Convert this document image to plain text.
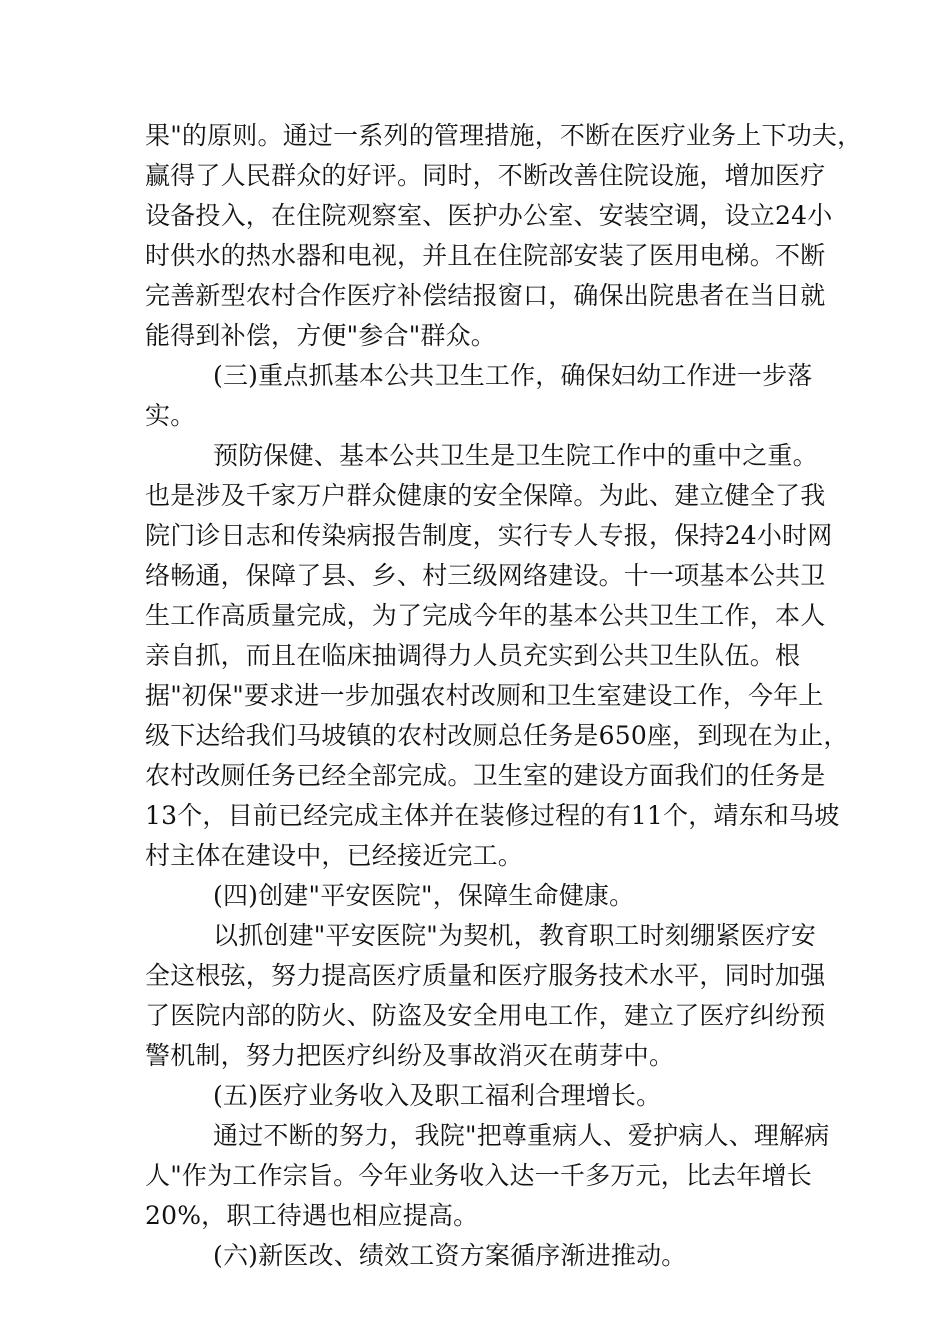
果"的原则。通过一系列的管理措施，不断在医疗业务上下功夫，
赢得了人民群众的好评。同时，不断改善住院设施，增加医疗
设备投入，在住院观察室、医护办公室、安装空调，设立24小
时供水的热水器和电视，并且在住院部安装了医用电梯。不断
完善新型农村合作医疗补偿结报窗口，确保出院患者在当日就
能得到补偿，方便"参合"群众。
(三)重点抓基本公共卫生工作，确保妇幼工作进一步落
实。
预防保健、基本公共卫生是卫生院工作中的重中之重。
也是涉及千家万户群众健康的安全保障。为此、建立健全了我
院门诊日志和传染病报告制度，实行专人专报，保持24小时网
络畅通，保障了县、乡、村三级网络建设。十一项基本公共卫
生工作高质量完成，为了完成今年的基本公共卫生工作，本人
亲自抓，而且在临床抽调得力人员充实到公共卫生队伍。根
据"初保"要求进一步加强农村改厕和卫生室建设工作，今年上
级下达给我们马坡镇的农村改厕总任务是650座，到现在为止，
农村改厕任务已经全部完成。卫生室的建设方面我们的任务是
13个，目前已经完成主体并在装修过程的有11个，靖东和马坡
村主体在建设中，已经接近完工。
(四)创建"平安医院"，保障生命健康。
以抓创建"平安医院"为契机，教育职工时刻绷紧医疗安
全这根弦，努力提高医疗质量和医疗服务技术水平，同时加强
了医院内部的防火、防盗及安全用电工作，建立了医疗纠纷预
警机制，努力把医疗纠纷及事故消灭在萌芽中。
(五)医疗业务收入及职工福利合理增长。
通过不断的努力，我院"把尊重病人、爱护病人、理解病
人"作为工作宗旨。今年业务收入达一千多万元，比去年增长
20%，职工待遇也相应提高。
(六)新医改、绩效工资方案循序渐进推动。
